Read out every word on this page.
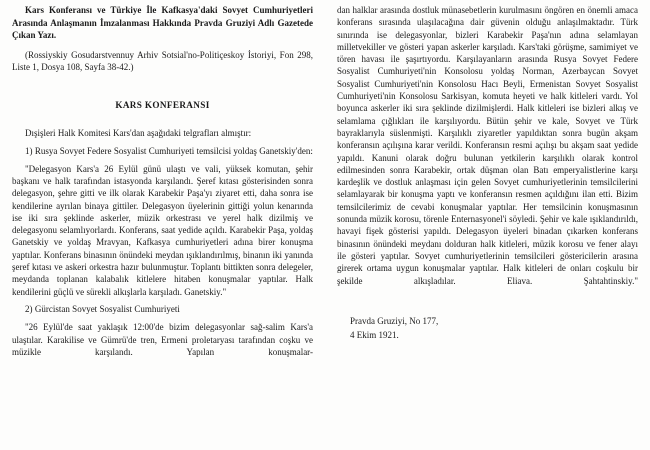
Kars Konferansı ve Türkiye İle Kafkasya'daki Sovyet Cumhuriyetleri Arasında Anlaşmanın İmzalanması Hakkında Pravda Gruziyi Adlı Gazetede Çıkan Yazı.
(Rossiyskiy Gosudarstvennuy Arhiv Sotsial'no-Politiçeskoy İstoriyi, Fon 298, Liste 1, Dosya 108, Sayfa 38-42.)
KARS KONFERANSI

Dışişleri Halk Komitesi Kars'dan aşağıdaki telgrafları almıştır:

1) Rusya Sovyet Federe Sosyalist Cumhuriyeti temsilcisi yoldaş Ganetskiy'den:

"Delegasyon Kars'a 26 Eylül günü ulaştı ve vali, yüksek komutan, şehir başkanı ve halk tarafından istasyonda karşılandı. Şeref kıtası gösterisinden sonra delegasyon, şehre gitti ve ilk olarak Karabekir Paşa'yı ziyaret etti, daha sonra ise kendilerine ayrılan binaya gittiler. Delegasyon üyelerinin gittiği yolun kenarında ise iki sıra şeklinde askerler, müzik orkestrası ve yerel halk dizilmiş ve delegasyonu selamlıyorlardı. Konferans, saat yedide açıldı. Karabekir Paşa, yoldaş Ganetskiy ve yoldaş Mravyan, Kafkasya cumhuriyetleri adına birer konuşma yaptılar. Konferans binasının önündeki meydan ışıklandırılmış, binanın iki yanında şeref kıtası ve askeri orkestra hazır bulunmuştur. Toplantı bittikten sonra delegeler, meydanda toplanan kalabalık kitlelere hitaben konuşmalar yaptılar. Halk kendilerini güçlü ve sürekli alkışlarla karşıladı. Ganetskiy."

2) Gürcistan Sovyet Sosyalist Cumhuriyeti

"26 Eylül'de saat yaklaşık 12:00'de bizim delegasyonlar sağ-salim Kars'a ulaştılar. Karakilise ve Gümrü'de tren, Ermeni proletaryası tarafından coşku ve müzikle karşılandı. Yapılan konuşmalar-

dan halklar arasında dostluk münasebetlerin kurulmasını öngören en önemli amaca konferans sırasında ulaşılacağına dair güvenin olduğu anlaşılmaktadır. Türk sınırında ise delegasyonlar, bizleri Karabekir Paşa'nın adına selamlayan milletvekiller ve gösteri yapan askerler karşıladı. Kars'taki görüşme, samimiyet ve tören havası ile şaşırtıyordu. Karşılayanların arasında Rusya Sovyet Federe Sosyalist Cumhuriyeti'nin Konsolosu yoldaş Norman, Azerbaycan Sovyet Sosyalist Cumhuriyeti'nin Konsolosu Hacı Beyli, Ermenistan Sovyet Sosyalist Cumhuriyeti'nin Konsolosu Sarkisyan, komuta heyeti ve halk kitleleri vardı. Yol boyunca askerler iki sıra şeklinde dizilmişlerdi. Halk kitleleri ise bizleri alkış ve selamlama çığlıkları ile karşılıyordu. Bütün şehir ve kale, Sovyet ve Türk bayraklarıyla süslenmişti. Karşılıklı ziyaretler yapıldıktan sonra bugün akşam konferansın açılışına karar verildi. Konferansın resmi açılışı bu akşam saat yedide yapıldı. Kanuni olarak doğru bulunan yetkilerin karşılıklı olarak kontrol edilmesinden sonra Karabekir, ortak düşman olan Batı emperyalistlerine karşı kardeşlik ve dostluk anlaşması için gelen Sovyet cumhuriyetlerinin temsilcilerini selamlayarak bir konuşma yaptı ve konferansın resmen açıldığını ilan etti. Bizim temsilcilerimiz de cevabi konuşmalar yaptılar. Her temsilcinin konuşmasının sonunda müzik korosu, törenle Enternasyonel'i söyledi. Şehir ve kale ışıklandırıldı, havayi fişek gösterisi yapıldı. Delegasyon üyeleri binadan çıkarken konferans binasının önündeki meydanı dolduran halk kitleleri, müzik korosu ve fener alayı ile gösteri yaptılar. Sovyet cumhuriyetlerinin temsilcileri göstericilerin arasına girerek ortama uygun konuşmalar yaptılar. Halk kitleleri de onları coşkulu bir şekilde alkışladılar. Eliava. Şahtahtinskiy."

Pravda Gruziyi, No 177,
4 Ekim 1921.
